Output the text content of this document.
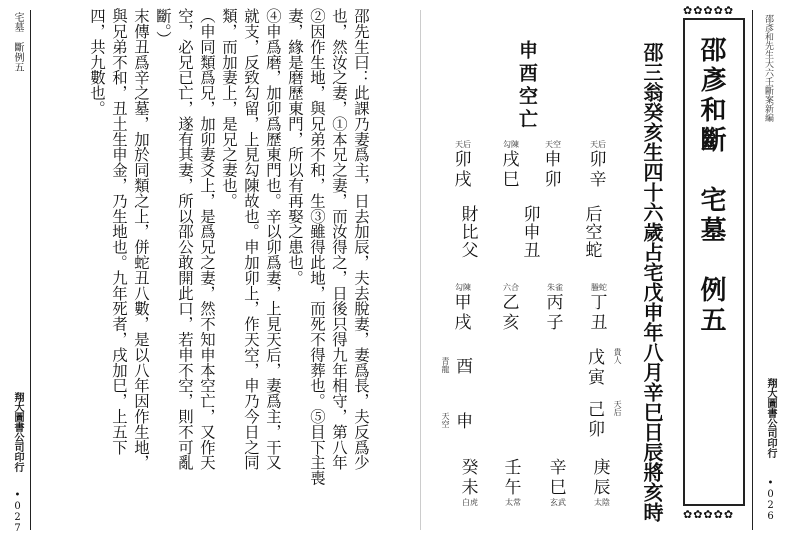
邵彥和先生大六壬斷案新編
✿✿✿✿✿
邵彥和斷　宅墓　例五
✿✿✿✿✿
邵三翁癸亥生四十六歲占宅戊申年八月辛巳日辰將亥時
申酉空亡
天后
卯
戌
勾陳
戌
巳
天空
申
卯
天后
卯
辛
財
比
父
卯
申
丑
后
空
蛇
勾陳
甲
戌
六合
乙
亥
朱雀
丙
子
螣蛇
丁
丑
戊
寅 貴人
己
卯 天后
青龍 酉
天空 申
癸
未
白虎
壬
午
太常
辛
巳
玄武
庚
辰
太陰
翔大圖書公司印行
•026
邵先生曰：此課乃妻爲主，日去加辰，夫去脫妻，妻爲長，夫反爲少
也，然汝之妻，①本兄之妻，而汝得之，日後只得九年相守，第八年
②因作生地，與兄弟不和，生③雖得此地，而死不得葬也。⑤目下主喪
妻，緣是磨歷東門，所以有再娶之患也。
④申爲磨，加卯爲歷東門也。辛以卯爲妻，上見天后，妻爲主，干又
就支，反致勾留，上見勾陳故也。申加卯上，作天空，申乃今日之同
類，而加妻上，是兄之妻也。
（申同類爲兄，加卯妻爻上，是爲兄之妻，然不知申本空亡，又作天
空，必兄已亡，遂有其妻，所以邵公敢開此口，若申不空，則不可亂
斷。）
末傳丑爲辛之墓，加於同類之上，併蛇丑八數，是以八年因作生地，
與兄弟不和，丑土生申金，乃生地也。九年死者，戌加巳，上五下
四，共九數也。
宅墓　斷例五
翔大圖書公司印行
•027
